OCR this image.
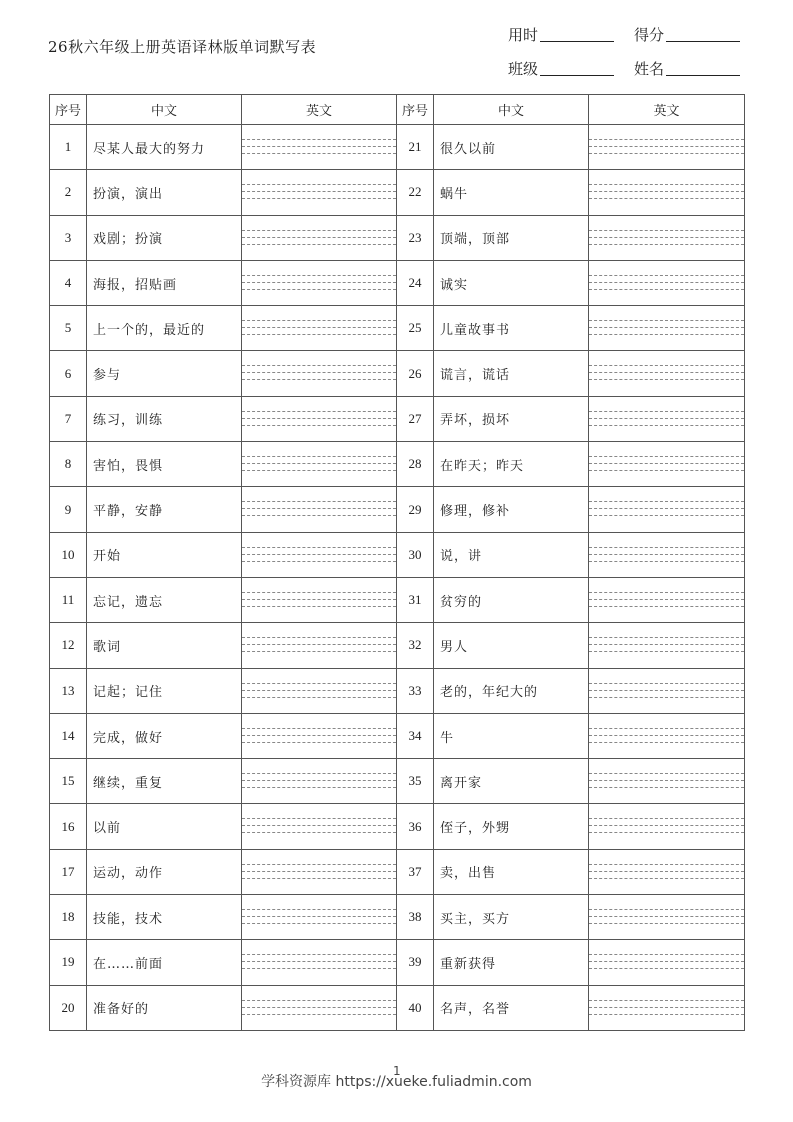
26秋六年级上册英语译林版单词默写表
用时	得分
班级	姓名
序号	中文	英文	序号	中文	英文
1	尽某人最大的努力		21	很久以前	

2	扮演，演出		22	蜗牛	

3	戏剧；扮演		23	顶端，顶部	

4	海报，招贴画		24	诚实	

5	上一个的，最近的		25	儿童故事书	

6	参与		26	谎言，谎话	

7	练习，训练		27	弄坏，损坏	

8	害怕，畏惧		28	在昨天；昨天	

9	平静，安静		29	修理，修补	

10	开始		30	说，讲	

11	忘记，遗忘		31	贫穷的	

12	歌词		32	男人	

13	记起；记住		33	老的，年纪大的	

14	完成，做好		34	牛	

15	继续，重复		35	离开家	

16	以前		36	侄子，外甥	

17	运动，动作		37	卖，出售	

18	技能，技术		38	买主，买方	

19	在……前面		39	重新获得	

20	准备好的		40	名声，名誉	
1
学科资源库 https://xueke.fuliadmin.com
